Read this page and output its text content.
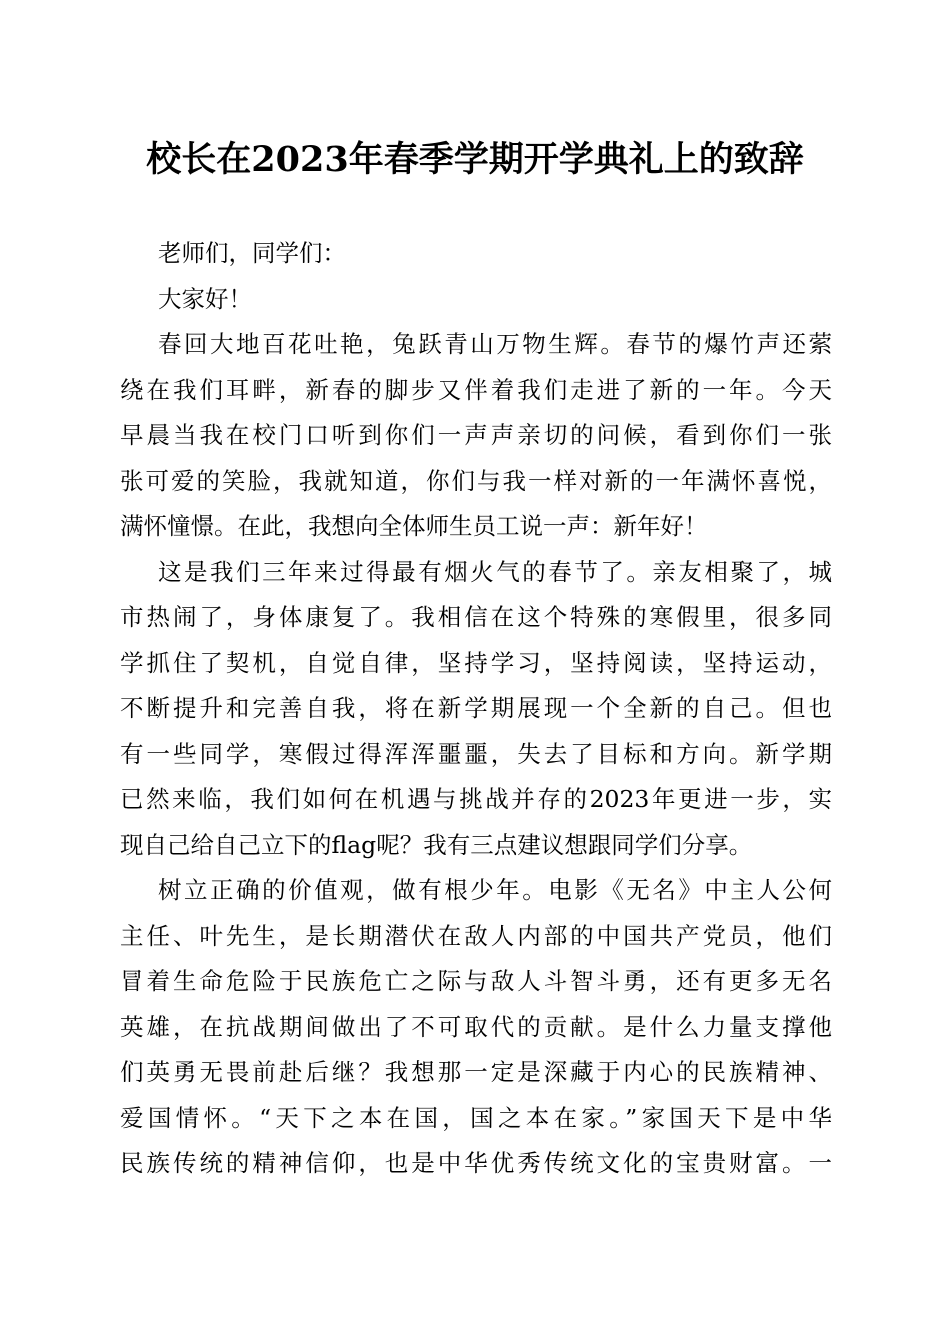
校长在2023年春季学期开学典礼上的致辞
老师们，同学们：
大家好！
春回大地百花吐艳，兔跃青山万物生辉。春节的爆竹声还萦
绕在我们耳畔，新春的脚步又伴着我们走进了新的一年。今天
早晨当我在校门口听到你们一声声亲切的问候，看到你们一张
张可爱的笑脸，我就知道，你们与我一样对新的一年满怀喜悦，
满怀憧憬。在此，我想向全体师生员工说一声：新年好！
这是我们三年来过得最有烟火气的春节了。亲友相聚了，城
市热闹了，身体康复了。我相信在这个特殊的寒假里，很多同
学抓住了契机，自觉自律，坚持学习，坚持阅读，坚持运动，
不断提升和完善自我，将在新学期展现一个全新的自己。但也
有一些同学，寒假过得浑浑噩噩，失去了目标和方向。新学期
已然来临，我们如何在机遇与挑战并存的2023年更进一步，实
现自己给自己立下的flag呢？我有三点建议想跟同学们分享。
树立正确的价值观，做有根少年。电影《无名》中主人公何
主任、叶先生，是长期潜伏在敌人内部的中国共产党员，他们
冒着生命危险于民族危亡之际与敌人斗智斗勇，还有更多无名
英雄，在抗战期间做出了不可取代的贡献。是什么力量支撑他
们英勇无畏前赴后继？我想那一定是深藏于内心的民族精神、
爱国情怀。“天下之本在国，国之本在家。”家国天下是中华
民族传统的精神信仰，也是中华优秀传统文化的宝贵财富。一
